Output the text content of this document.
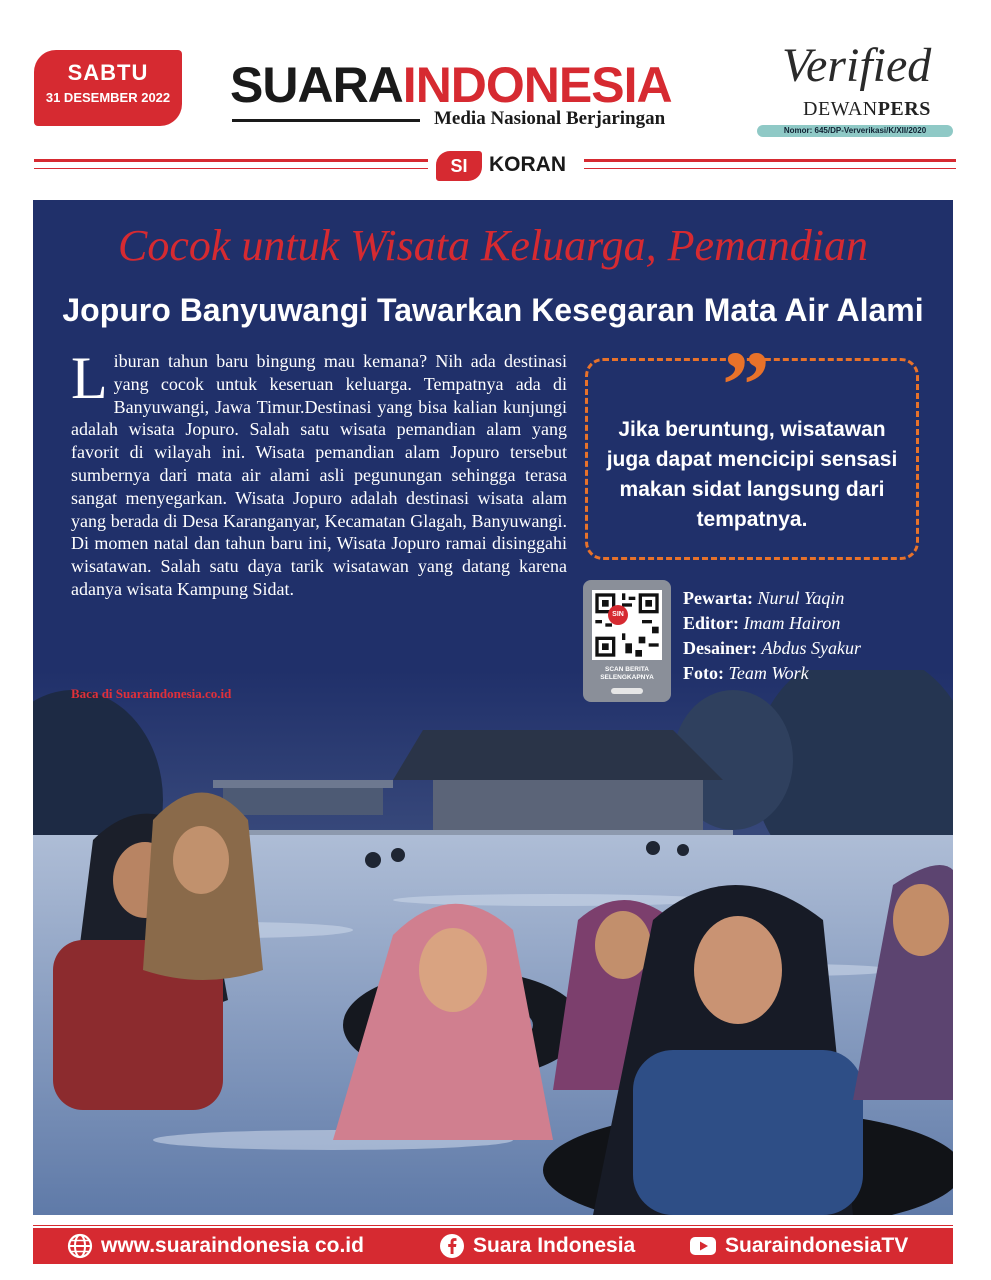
SABTU
31 DESEMBER 2022 SUARAINDONESIA
Media Nasional Berjaringan
Verified
DEWANPERS
Nomor: 645/DP-Ververikasi/K/XII/2020
SI	KORAN
Cocok untuk Wisata Keluarga, Pemandian
Jopuro Banyuwangi Tawarkan Kesegaran Mata Air Alami

Liburan tahun baru bingung mau kemana? Nih ada destinasi yang cocok untuk keseruan keluarga. Tempatnya ada di Banyuwangi, Jawa Timur.Destinasi yang bisa kalian kunjungi adalah wisata Jopuro. Salah satu wisata pemandian alam yang favorit di wilayah ini. Wisata pemandian alam Jopuro tersebut sumbernya dari mata air alami asli pegunungan sehingga terasa sangat menyegarkan. Wisata Jopuro adalah destinasi wisata alam yang berada di Desa Karanganyar, Kecamatan Glagah, Banyuwangi. Di momen natal dan tahun baru ini, Wisata Jopuro ramai disinggahi wisatawan. Salah satu daya tarik wisatawan yang datang karena adanya wisata Kampung Sidat.

Baca di Suaraindonesia.co.id
”
Jika beruntung, wisatawan juga dapat mencicipi sensasi makan sidat langsung dari tempatnya.
SIN
SCAN BERITA SELENGKAPNYA
Pewarta: Nurul Yaqin
Editor: Imam Hairon
Desainer: Abdus Syakur
Foto: Team Work
www.suaraindonesia co.id	Suara Indonesia	SuaraindonesiaTV
